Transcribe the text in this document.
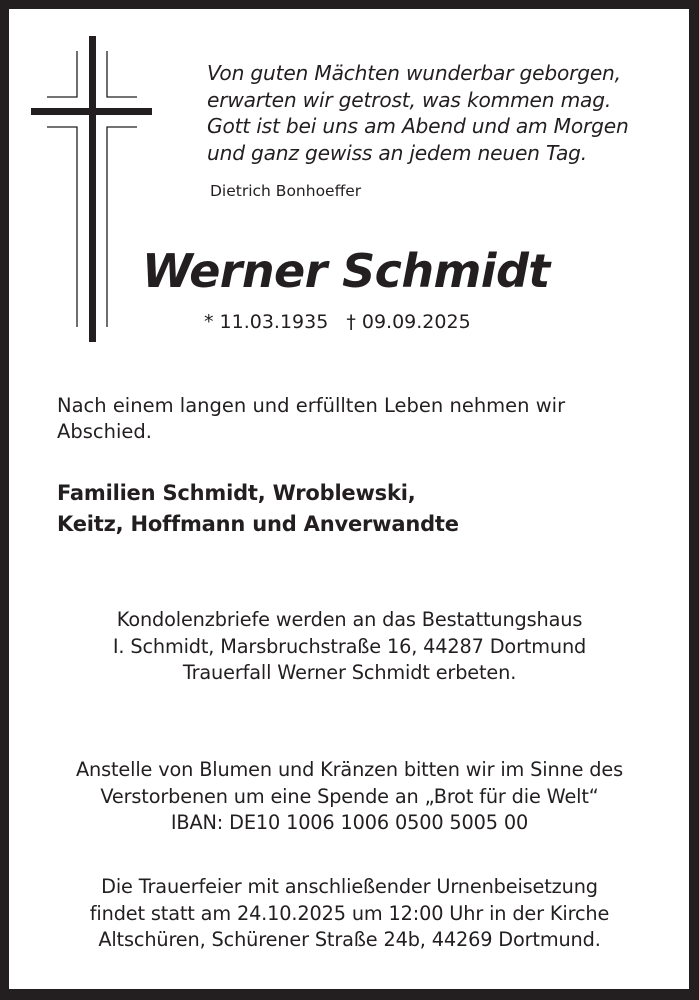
Von guten Mächten wunderbar geborgen,
erwarten wir getrost, was kommen mag.
Gott ist bei uns am Abend und am Morgen
und ganz gewiss an jedem neuen Tag.
Dietrich Bonhoeffer
Werner Schmidt
* 11.03.1935 † 09.09.2025
Nach einem langen und erfüllten Leben nehmen wir
Abschied.
Familien Schmidt, Wroblewski,
Keitz, Hoffmann und Anverwandte
Kondolenzbriefe werden an das Bestattungshaus
I. Schmidt, Marsbruchstraße 16, 44287 Dortmund
Trauerfall Werner Schmidt erbeten.
Anstelle von Blumen und Kränzen bitten wir im Sinne des
Verstorbenen um eine Spende an „Brot für die Welt“
IBAN: DE10 1006 1006 0500 5005 00
Die Trauerfeier mit anschließender Urnenbeisetzung
findet statt am 24.10.2025 um 12:00 Uhr in der Kirche
Altschüren, Schürener Straße 24b, 44269 Dortmund.
